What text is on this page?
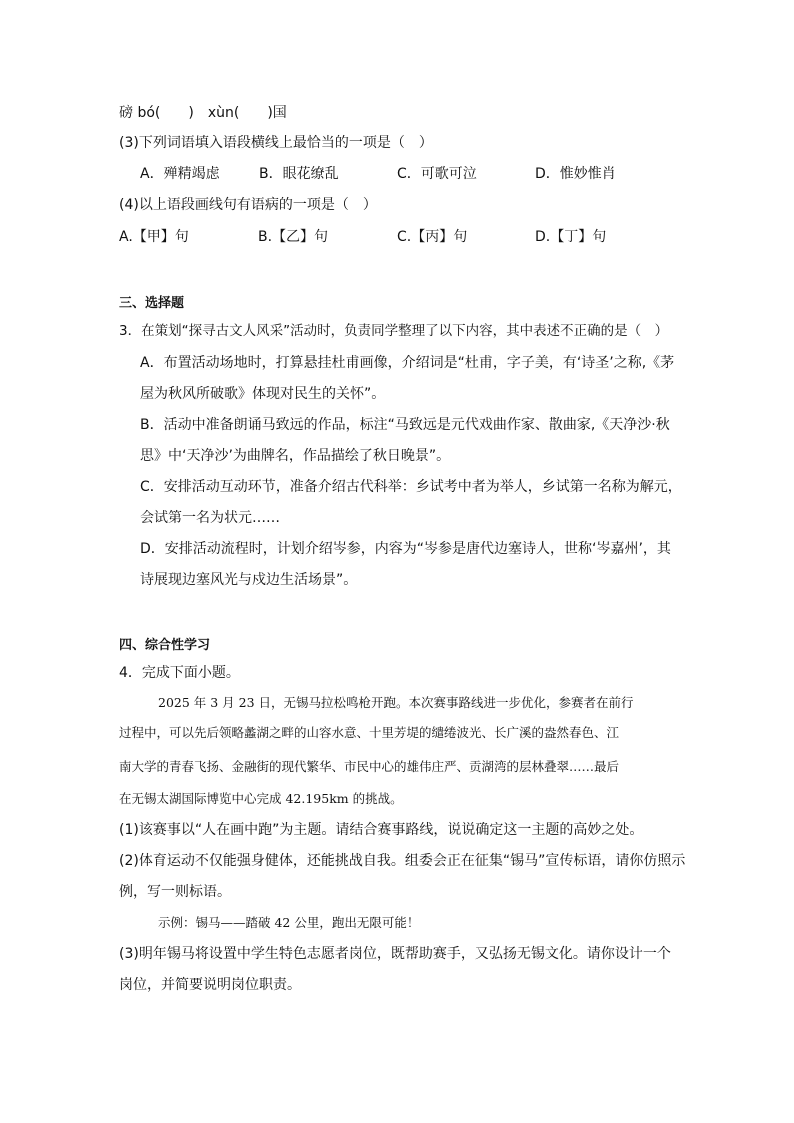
磅 bó(　　)　xùn(　　)国
(3)下列词语填入语段横线上最恰当的一项是（　）
A．殚精竭虑	B．眼花缭乱	C．可歌可泣	D．惟妙惟肖
(4)以上语段画线句有语病的一项是（　）
A.【甲】句	B.【乙】句	C.【丙】句	D.【丁】句
三、选择题
3．在策划“探寻古文人风采”活动时，负责同学整理了以下内容，其中表述不正确的是（　）
A．布置活动场地时，打算悬挂杜甫画像，介绍词是“杜甫，字子美，有‘诗圣’之称,《茅
屋为秋风所破歌》体现对民生的关怀”。
B．活动中准备朗诵马致远的作品，标注“马致远是元代戏曲作家、散曲家,《天净沙·秋
思》中‘天净沙’为曲牌名，作品描绘了秋日晚景”。
C．安排活动互动环节，准备介绍古代科举：乡试考中者为举人，乡试第一名称为解元，
会试第一名为状元……
D．安排活动流程时，计划介绍岑参，内容为“岑参是唐代边塞诗人，世称‘岑嘉州’，其
诗展现边塞风光与戍边生活场景”。
四、综合性学习
4．完成下面小题。
2025 年 3 月 23 日，无锡马拉松鸣枪开跑。本次赛事路线进一步优化，参赛者在前行
过程中，可以先后领略蠡湖之畔的山容水意、十里芳堤的缱绻波光、长广溪的盎然春色、江
南大学的青春飞扬、金融街的现代繁华、市民中心的雄伟庄严、贡湖湾的层林叠翠……最后
在无锡太湖国际博览中心完成 42.195km 的挑战。
(1)该赛事以“人在画中跑”为主题。请结合赛事路线，说说确定这一主题的高妙之处。
(2)体育运动不仅能强身健体，还能挑战自我。组委会正在征集“锡马”宣传标语，请你仿照示
例，写一则标语。
示例：锡马——踏破 42 公里，跑出无限可能！
(3)明年锡马将设置中学生特色志愿者岗位，既帮助赛手，又弘扬无锡文化。请你设计一个
岗位，并简要说明岗位职责。
